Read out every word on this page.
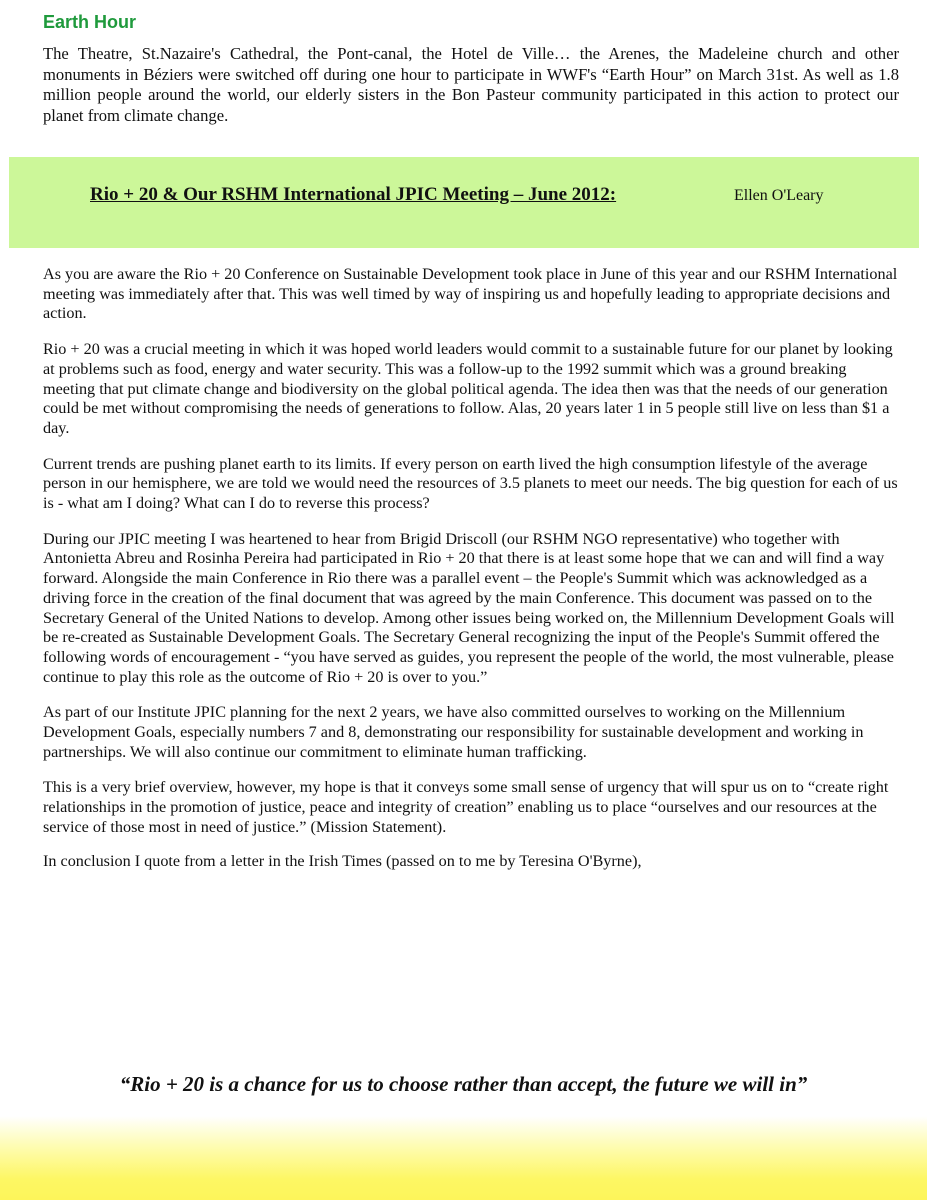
Earth Hour

The Theatre, St.Nazaire's Cathedral, the Pont-canal, the Hotel de Ville… the Arenes, the Madeleine church and other monuments in Béziers were switched off during one hour to participate in WWF's “Earth Hour” on March 31st. As well as 1.8 million people around the world, our elderly sisters in the Bon Pasteur community participated in this action to protect our planet from climate change.

Rio + 20 & Our RSHM International JPIC Meeting – June 2012:	Ellen O'Leary

As you are aware the Rio + 20 Conference on Sustainable Development took place in June of this year and our RSHM International meeting was immediately after that. This was well timed by way of inspiring us and hopefully leading to appropriate decisions and action.

Rio + 20 was a crucial meeting in which it was hoped world leaders would commit to a sustainable future for our planet by looking at problems such as food, energy and water security. This was a follow-up to the 1992 summit which was a ground breaking meeting that put climate change and biodiversity on the global political agenda. The idea then was that the needs of our generation could be met without compromising the needs of generations to follow. Alas, 20 years later 1 in 5 people still live on less than $1 a day.

Current trends are pushing planet earth to its limits. If every person on earth lived the high consumption lifestyle of the average person in our hemisphere, we are told we would need the resources of 3.5 planets to meet our needs. The big question for each of us is - what am I doing? What can I do to reverse this process?

During our JPIC meeting I was heartened to hear from Brigid Driscoll (our RSHM NGO representative) who together with Antonietta Abreu and Rosinha Pereira had participated in Rio + 20 that there is at least some hope that we can and will find a way forward. Alongside the main Conference in Rio there was a parallel event – the People's Summit which was acknowledged as a driving force in the creation of the final document that was agreed by the main Conference. This document was passed on to the Secretary General of the United Nations to develop. Among other issues being worked on, the Millennium Development Goals will be re-created as Sustainable Development Goals. The Secretary General recognizing the input of the People's Summit offered the following words of encouragement - “you have served as guides, you represent the people of the world, the most vulnerable, please continue to play this role as the outcome of Rio + 20 is over to you.”

As part of our Institute JPIC planning for the next 2 years, we have also committed ourselves to working on the Millennium Development Goals, especially numbers 7 and 8, demonstrating our responsibility for sustainable development and working in partnerships. We will also continue our commitment to eliminate human trafficking.

This is a very brief overview, however, my hope is that it conveys some small sense of urgency that will spur us on to “create right relationships in the promotion of justice, peace and integrity of creation” enabling us to place “ourselves and our resources at the service of those most in need of justice.” (Mission Statement).

In conclusion I quote from a letter in the Irish Times (passed on to me by Teresina O'Byrne),

“Rio + 20 is a chance for us to choose rather than accept, the future we will in”
